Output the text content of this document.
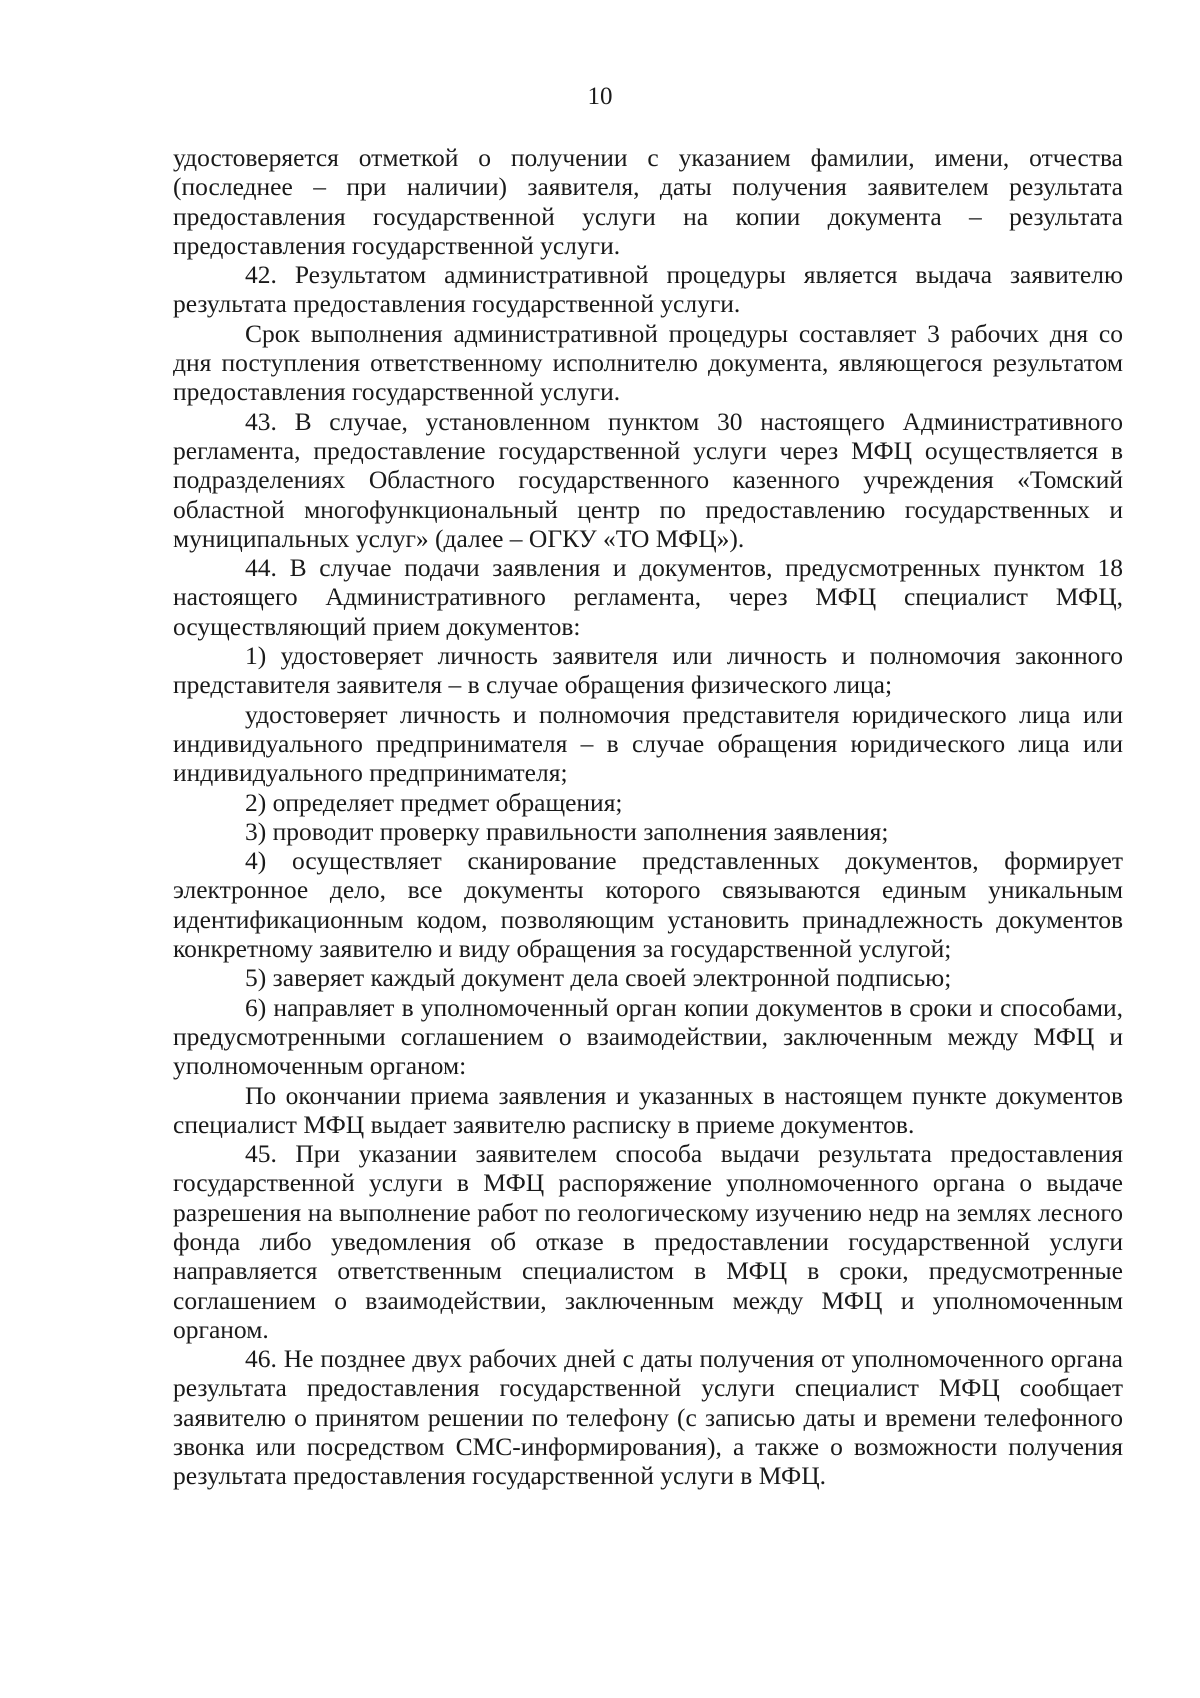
10

удостоверяется отметкой о получении с указанием фамилии, имени, отчества (последнее – при наличии) заявителя, даты получения заявителем результата предоставления государственной услуги на копии документа – результата предоставления государственной услуги.

42. Результатом административной процедуры является выдача заявителю результата предоставления государственной услуги.

Срок выполнения административной процедуры составляет 3 рабочих дня со дня поступления ответственному исполнителю документа, являющегося результатом предоставления государственной услуги.

43. В случае, установленном пунктом 30 настоящего Административного регламента, предоставление государственной услуги через МФЦ осуществляется в подразделениях Областного государственного казенного учреждения «Томский областной многофункциональный центр по предоставлению государственных и муниципальных услуг» (далее – ОГКУ «ТО МФЦ»).

44. В случае подачи заявления и документов, предусмотренных пунктом 18 настоящего Административного регламента, через МФЦ специалист МФЦ, осуществляющий прием документов:

1) удостоверяет личность заявителя или личность и полномочия законного представителя заявителя – в случае обращения физического лица;

удостоверяет личность и полномочия представителя юридического лица или индивидуального предпринимателя – в случае обращения юридического лица или индивидуального предпринимателя;

2) определяет предмет обращения;

3) проводит проверку правильности заполнения заявления;

4) осуществляет сканирование представленных документов, формирует электронное дело, все документы которого связываются единым уникальным идентификационным кодом, позволяющим установить принадлежность документов конкретному заявителю и виду обращения за государственной услугой;

5) заверяет каждый документ дела своей электронной подписью;

6) направляет в уполномоченный орган копии документов в сроки и способами, предусмотренными соглашением о взаимодействии, заключенным между МФЦ и уполномоченным органом:

По окончании приема заявления и указанных в настоящем пункте документов специалист МФЦ выдает заявителю расписку в приеме документов.

45. При указании заявителем способа выдачи результата предоставления государственной услуги в МФЦ распоряжение уполномоченного органа о выдаче разрешения на выполнение работ по геологическому изучению недр на землях лесного фонда либо уведомления об отказе в предоставлении государственной услуги направляется ответственным специалистом в МФЦ в сроки, предусмотренные соглашением о взаимодействии, заключенным между МФЦ и уполномоченным органом.

46. Не позднее двух рабочих дней с даты получения от уполномоченного органа результата предоставления государственной услуги специалист МФЦ сообщает заявителю о принятом решении по телефону (с записью даты и времени телефонного звонка или посредством СМС-информирования), а также о возможности получения результата предоставления государственной услуги в МФЦ.
